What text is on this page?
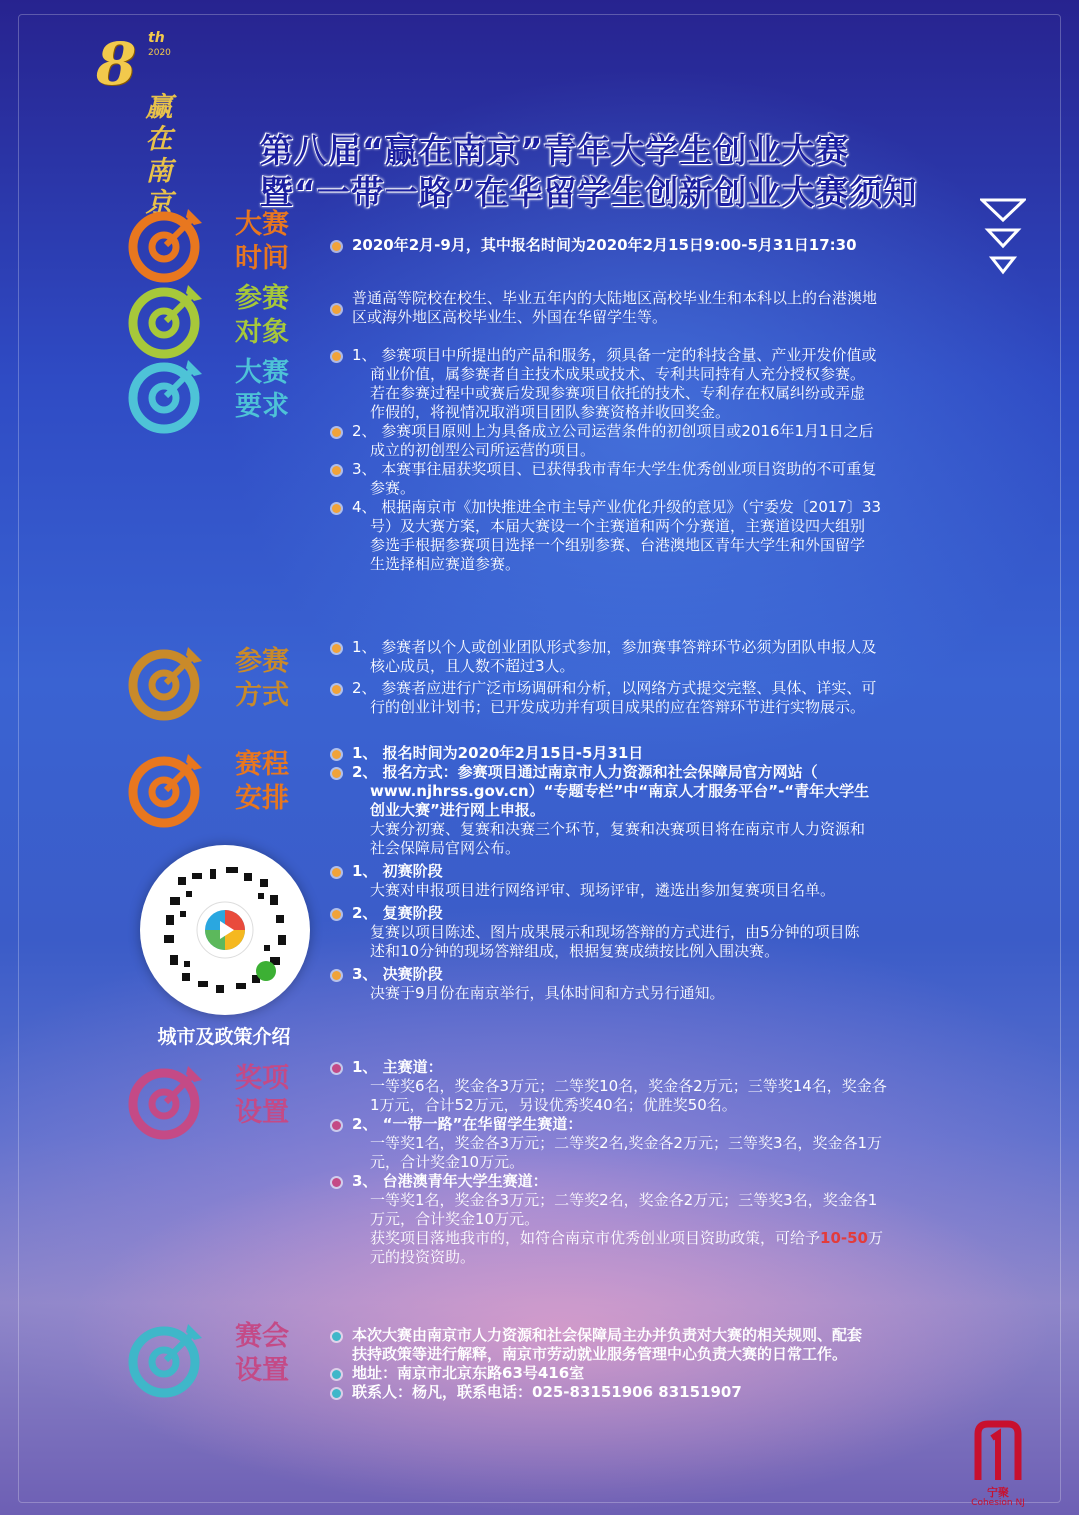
8 th
2020
赢在南京
第八届“赢在南京”青年大学生创业大赛
暨“一带一路”在华留学生创新创业大赛须知
大赛
时间	2020年2月-9月，其中报名时间为2020年2月15日9:00-5月31日17:30
参赛
对象
普通高等院校在校生、毕业五年内的大陆地区高校毕业生和本科以上的台港澳地
区或海外地区高校毕业生、外国在华留学生等。
大赛
要求
1、 参赛项目中所提出的产品和服务，须具备一定的科技含量、产业开发价值或
商业价值，属参赛者自主技术成果或技术、专利共同持有人充分授权参赛。
若在参赛过程中或赛后发现参赛项目依托的技术、专利存在权属纠纷或弄虚
作假的，将视情况取消项目团队参赛资格并收回奖金。
2、 参赛项目原则上为具备成立公司运营条件的初创项目或2016年1月1日之后
成立的初创型公司所运营的项目。
3、 本赛事往届获奖项目、已获得我市青年大学生优秀创业项目资助的不可重复
参赛。
4、 根据南京市《加快推进全市主导产业优化升级的意见》（宁委发〔2017〕33
号）及大赛方案，本届大赛设一个主赛道和两个分赛道，主赛道设四大组别
参选手根据参赛项目选择一个组别参赛、台港澳地区青年大学生和外国留学
生选择相应赛道参赛。
参赛
方式
1、 参赛者以个人或创业团队形式参加，参加赛事答辩环节必须为团队申报人及
核心成员，且人数不超过3人。
2、 参赛者应进行广泛市场调研和分析，以网络方式提交完整、具体、详实、可
行的创业计划书；已开发成功并有项目成果的应在答辩环节进行实物展示。
赛程
安排
1、 报名时间为2020年2月15日-5月31日
2、 报名方式：参赛项目通过南京市人力资源和社会保障局官方网站（
www.njhrss.gov.cn）“专题专栏”中“南京人才服务平台”-“青年大学生
创业大赛”进行网上申报。
大赛分初赛、复赛和决赛三个环节，复赛和决赛项目将在南京市人力资源和
社会保障局官网公布。
1、 初赛阶段
大赛对申报项目进行网络评审、现场评审，遴选出参加复赛项目名单。
2、 复赛阶段
复赛以项目陈述、图片成果展示和现场答辩的方式进行，由5分钟的项目陈
述和10分钟的现场答辩组成，根据复赛成绩按比例入围决赛。
3、 决赛阶段
决赛于9月份在南京举行，具体时间和方式另行通知。
城市及政策介绍
奖项
设置
1、 主赛道：
一等奖6名，奖金各3万元；二等奖10名，奖金各2万元；三等奖14名，奖金各
1万元，合计52万元，另设优秀奖40名；优胜奖50名。
2、 “一带一路”在华留学生赛道：
一等奖1名，奖金各3万元；二等奖2名,奖金各2万元；三等奖3名，奖金各1万
元，合计奖金10万元。
3、 台港澳青年大学生赛道：
一等奖1名，奖金各3万元；二等奖2名，奖金各2万元；三等奖3名，奖金各1
万元，合计奖金10万元。
获奖项目落地我市的，如符合南京市优秀创业项目资助政策，可给予10-50万
元的投资资助。
赛会
设置
本次大赛由南京市人力资源和社会保障局主办并负责对大赛的相关规则、配套
扶持政策等进行解释，南京市劳动就业服务管理中心负责大赛的日常工作。
地址：南京市北京东路63号416室
联系人：杨凡，联系电话：025-83151906 83151907
宁聚
Cohesion NJ
